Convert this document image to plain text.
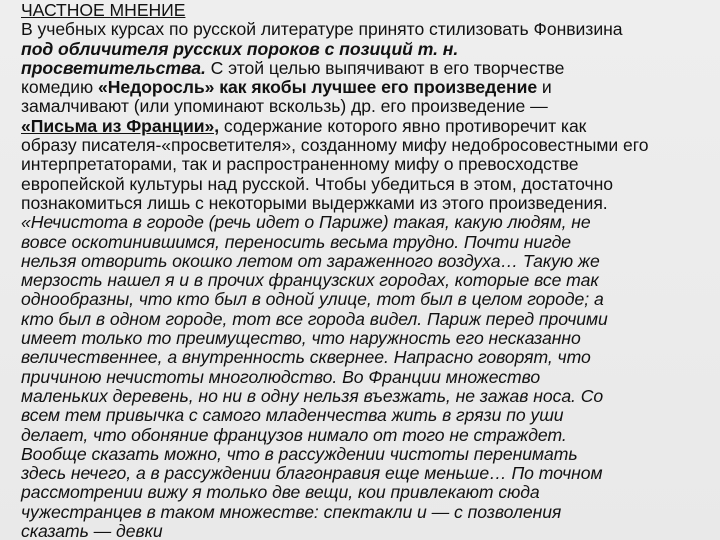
ЧАСТНОЕ МНЕНИЕ
В учебных курсах по русской литературе принято стилизовать Фонвизина
под обличителя русских пороков с позиций т. н.
просветительства. С этой целью выпячивают в его творчестве
комедию «Недоросль» как якобы лучшее его произведение и
замалчивают (или упоминают вскользь) др. его произведение —
«Письма из Франции», содержание которого явно противоречит как
образу писателя-«просветителя», созданному мифу недобросовестными его
интерпретаторами, так и распространенному мифу о превосходстве
европейской культуры над русской. Чтобы убедиться в этом, достаточно
познакомиться лишь с некоторыми выдержками из этого произведения.
«Нечистота в городе (речь идет о Париже) такая, какую людям, не
вовсе оскотинившимся, переносить весьма трудно. Почти нигде
нельзя отворить окошко летом от зараженного воздуха… Такую же
мерзость нашел я и в прочих французских городах, которые все так
однообразны, что кто был в одной улице, тот был в целом городе; а
кто был в одном городе, тот все города видел. Париж перед прочими
имеет только то преимущество, что наружность его несказанно
величественнее, а внутренность сквернее. Напрасно говорят, что
причиною нечистоты многолюдство. Во Франции множество
маленьких деревень, но ни в одну нельзя въезжать, не зажав носа. Со
всем тем привычка с самого младенчества жить в грязи по уши
делает, что обоняние французов нимало от того не страждет.
Вообще сказать можно, что в рассуждении чистоты перенимать
здесь нечего, а в рассуждении благонравия еще меньше… По точном
рассмотрении вижу я только две вещи, кои привлекают сюда
чужестранцев в таком множестве: спектакли и — с позволения
сказать — девки
